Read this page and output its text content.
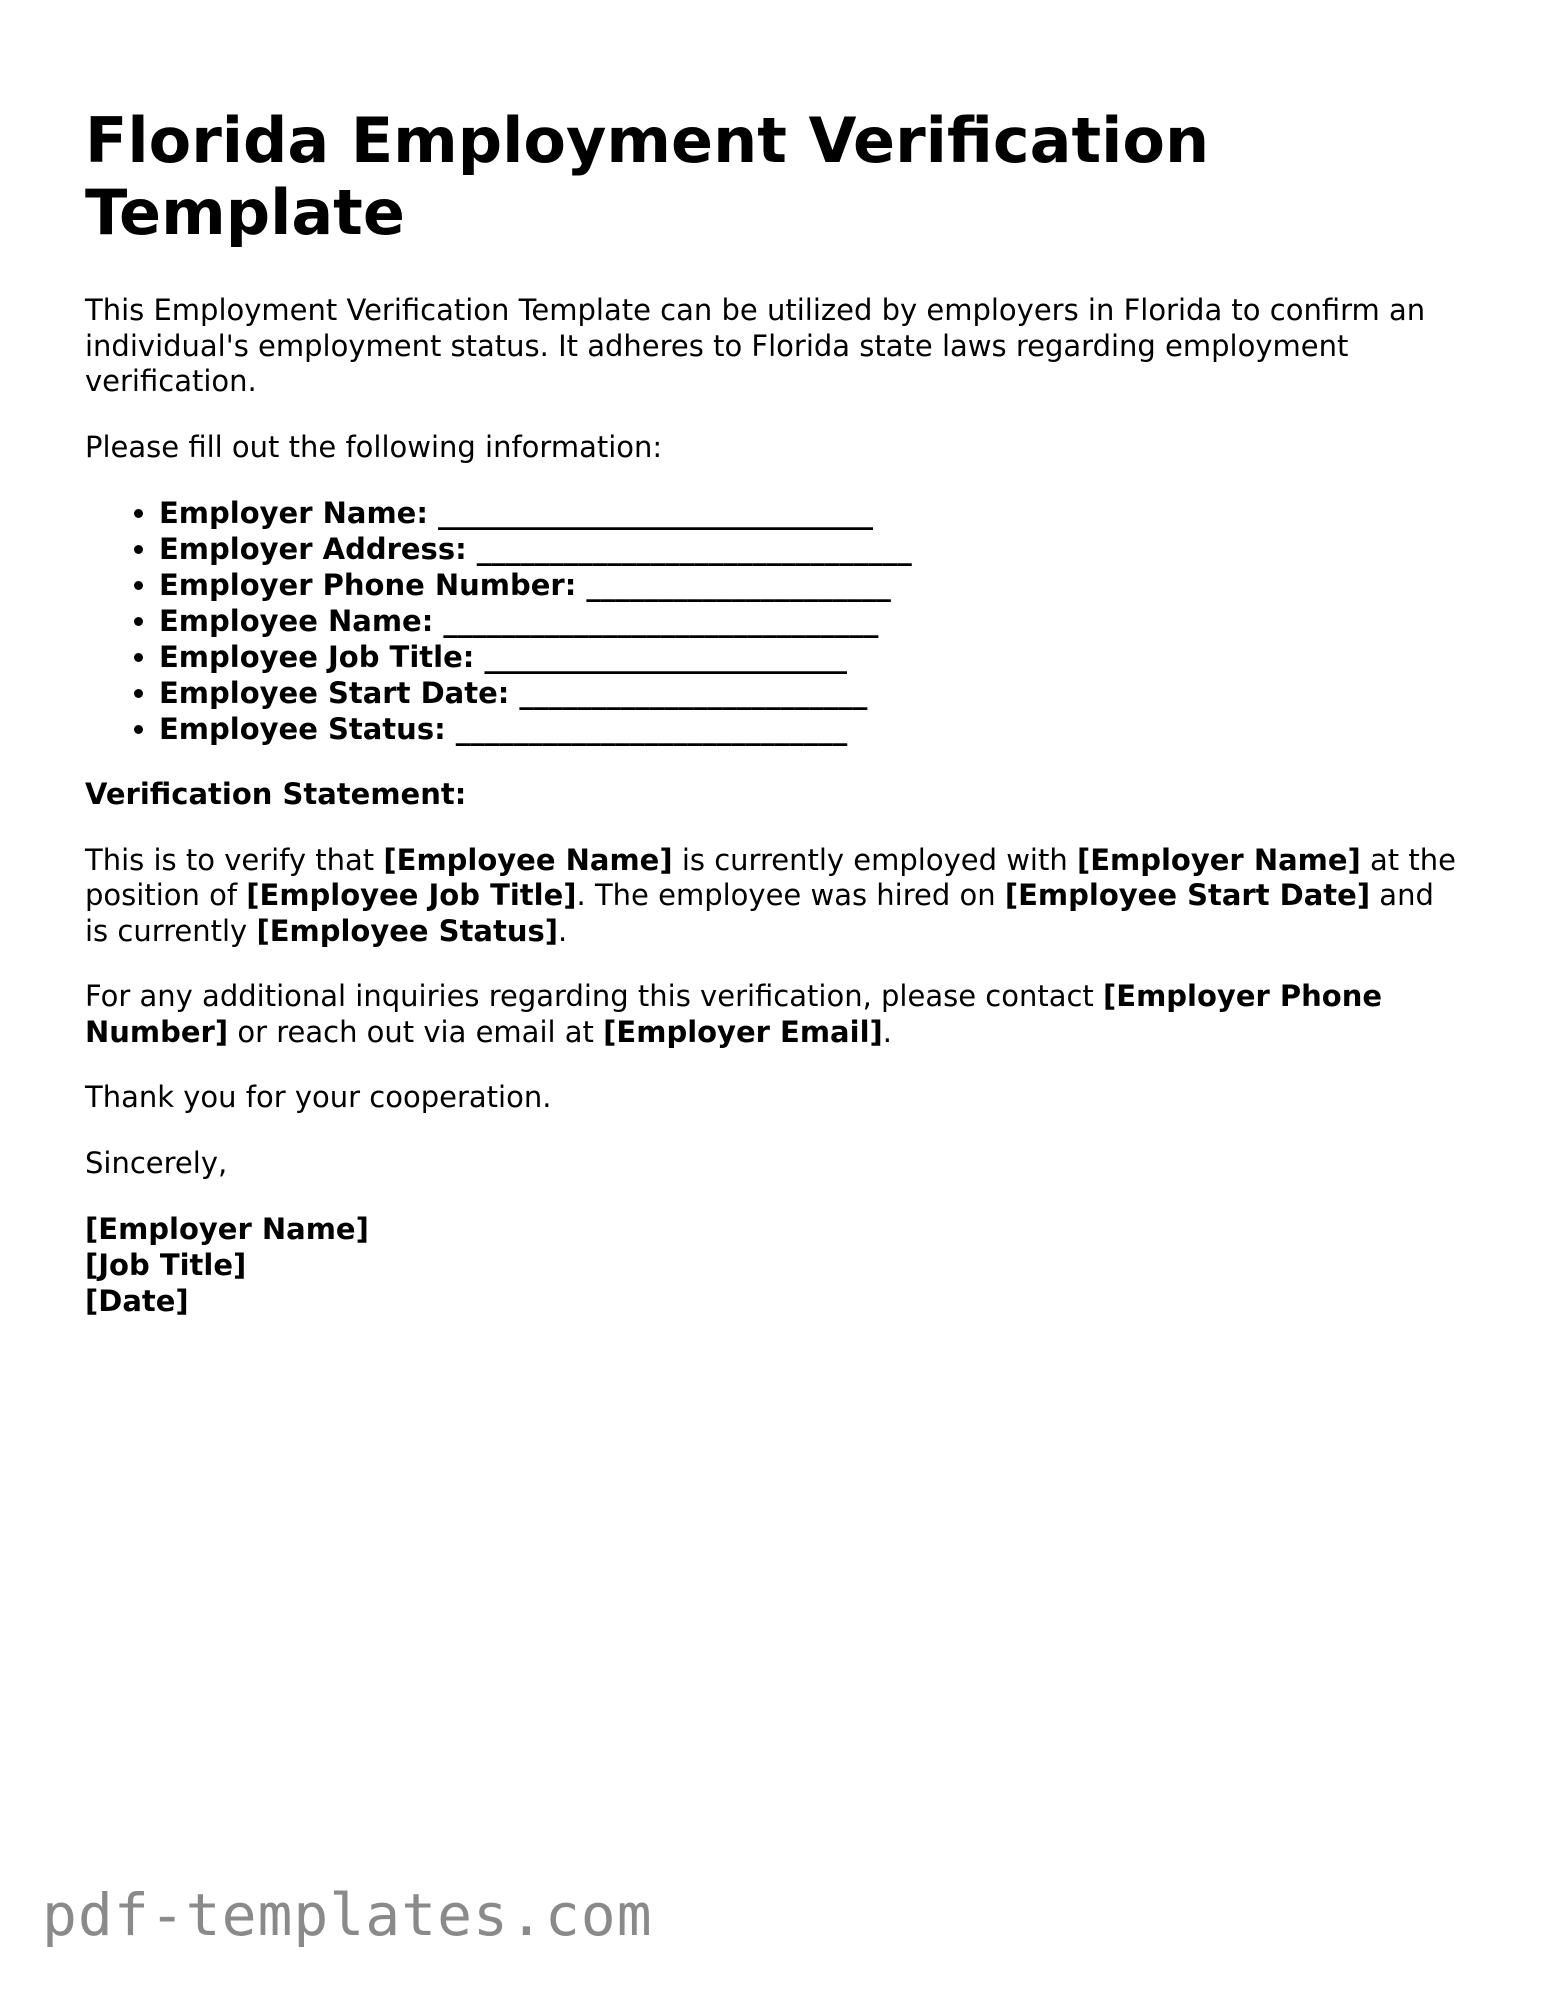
Florida Employment Verification Template

This Employment Verification Template can be utilized by employers in Florida to confirm an individual's employment status. It adheres to Florida state laws regarding employment verification.

Please fill out the following information:

• Employer Name: ______________________________
• Employer Address: ______________________________
• Employer Phone Number: _____________________
• Employee Name: ______________________________
• Employee Job Title: _________________________
• Employee Start Date: ________________________
• Employee Status: ___________________________

Verification Statement:

This is to verify that [Employee Name] is currently employed with [Employer Name] at the position of [Employee Job Title]. The employee was hired on [Employee Start Date] and is currently [Employee Status].

For any additional inquiries regarding this verification, please contact [Employer Phone Number] or reach out via email at [Employer Email].

Thank you for your cooperation.

Sincerely,

[Employer Name]
[Job Title]
[Date]
pdf-templates.com
